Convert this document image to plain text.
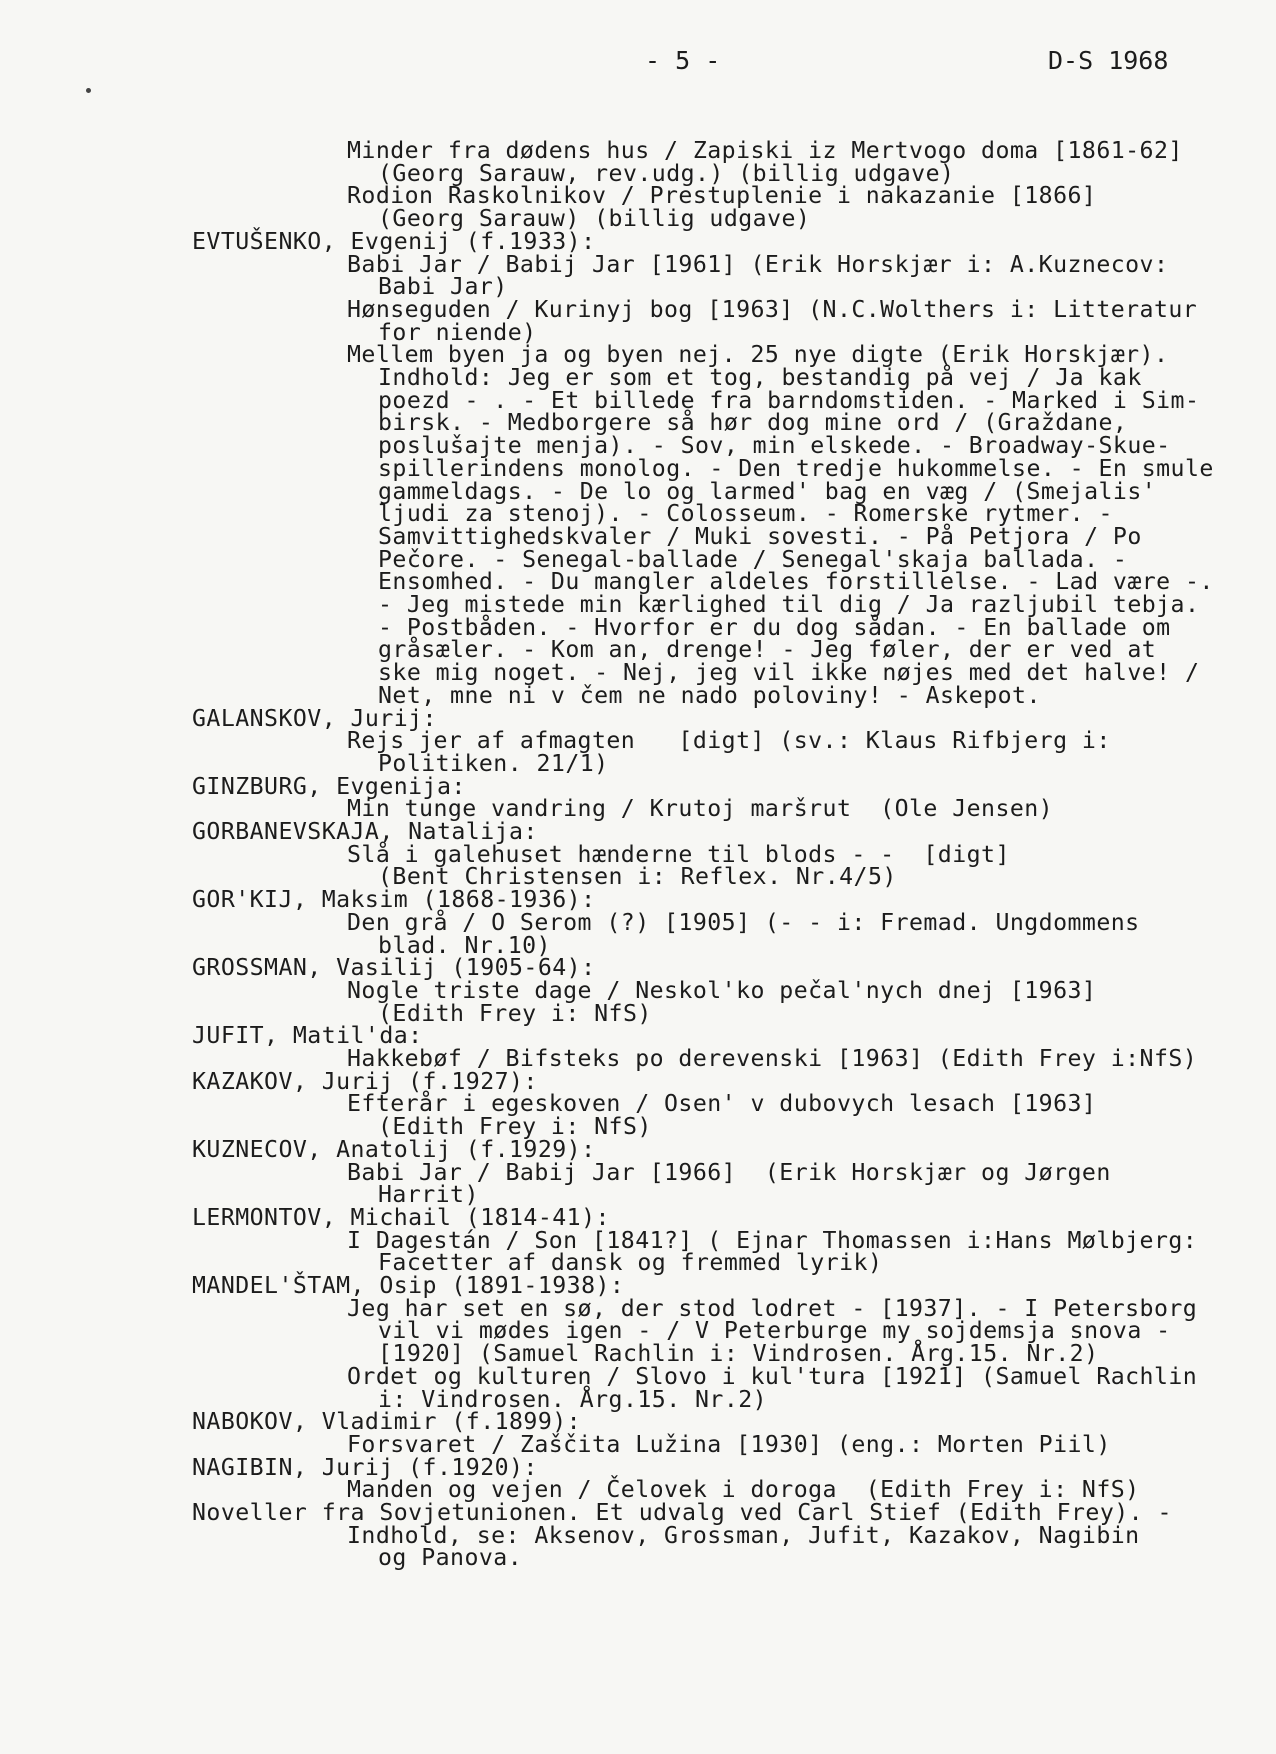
- 5 -	D-S 1968
Minder fra dødens hus / Zapiski iz Mertvogo doma [1861-62]
(Georg Sarauw, rev.udg.) (billig udgave)
Rodion Raskolnikov / Prestuplenie i nakazanie [1866]
(Georg Sarauw) (billig udgave)
EVTUŠENKO, Evgenij (f.1933):
Babi Jar / Babij Jar [1961] (Erik Horskjær i: A.Kuznecov:
Babi Jar)
Hønseguden / Kurinyj bog [1963] (N.C.Wolthers i: Litteratur
for niende)
Mellem byen ja og byen nej. 25 nye digte (Erik Horskjær).
Indhold: Jeg er som et tog, bestandig på vej / Ja kak
poezd - . - Et billede fra barndomstiden. - Marked i Sim-
birsk. - Medborgere så hør dog mine ord / (Graždane,
poslušajte menja). - Sov, min elskede. - Broadway-Skue-
spillerindens monolog. - Den tredje hukommelse. - En smule
gammeldags. - De lo og larmed' bag en væg / (Smejalis'
ljudi za stenoj). - Colosseum. - Romerske rytmer. -
Samvittighedskvaler / Muki sovesti. - På Petjora / Po
Pečore. - Senegal-ballade / Senegal'skaja ballada. -
Ensomhed. - Du mangler aldeles forstillelse. - Lad være -.
- Jeg mistede min kærlighed til dig / Ja razljubil tebja.
- Postbåden. - Hvorfor er du dog sådan. - En ballade om
gråsæler. - Kom an, drenge! - Jeg føler, der er ved at
ske mig noget. - Nej, jeg vil ikke nøjes med det halve! /
Net, mne ni v čem ne nado poloviny! - Askepot.
GALANSKOV, Jurij:
Rejs jer af afmagten   [digt] (sv.: Klaus Rifbjerg i:
Politiken. 21/1)
GINZBURG, Evgenija:
Min tunge vandring / Krutoj maršrut  (Ole Jensen)
GORBANEVSKAJA, Natalija:
Slå i galehuset hænderne til blods - -  [digt]
(Bent Christensen i: Reflex. Nr.4/5)
GOR'KIJ, Maksim (1868-1936):
Den grå / O Serom (?) [1905] (- - i: Fremad. Ungdommens
blad. Nr.10)
GROSSMAN, Vasilij (1905-64):
Nogle triste dage / Neskol'ko pečal'nych dnej [1963]
(Edith Frey i: NfS)
JUFIT, Matil'da:
Hakkebøf / Bifsteks po derevenski [1963] (Edith Frey i:NfS)
KAZAKOV, Jurij (f.1927):
Efterår i egeskoven / Osen' v dubovych lesach [1963]
(Edith Frey i: NfS)
KUZNECOV, Anatolij (f.1929):
Babi Jar / Babij Jar [1966]  (Erik Horskjær og Jørgen
Harrit)
LERMONTOV, Michail (1814-41):
I Dagestán / Son [1841?] ( Ejnar Thomassen i:Hans Mølbjerg:
Facetter af dansk og fremmed lyrik)
MANDEL'ŠTAM, Osip (1891-1938):
Jeg har set en sø, der stod lodret - [1937]. - I Petersborg
vil vi mødes igen - / V Peterburge my sojdemsja snova -
[1920] (Samuel Rachlin i: Vindrosen. Årg.15. Nr.2)
Ordet og kulturen / Slovo i kul'tura [1921] (Samuel Rachlin
i: Vindrosen. Årg.15. Nr.2)
NABOKOV, Vladimir (f.1899):
Forsvaret / Zaščita Lužina [1930] (eng.: Morten Piil)
NAGIBIN, Jurij (f.1920):
Manden og vejen / Čelovek i doroga  (Edith Frey i: NfS)
Noveller fra Sovjetunionen. Et udvalg ved Carl Stief (Edith Frey). -
Indhold, se: Aksenov, Grossman, Jufit, Kazakov, Nagibin
og Panova.
